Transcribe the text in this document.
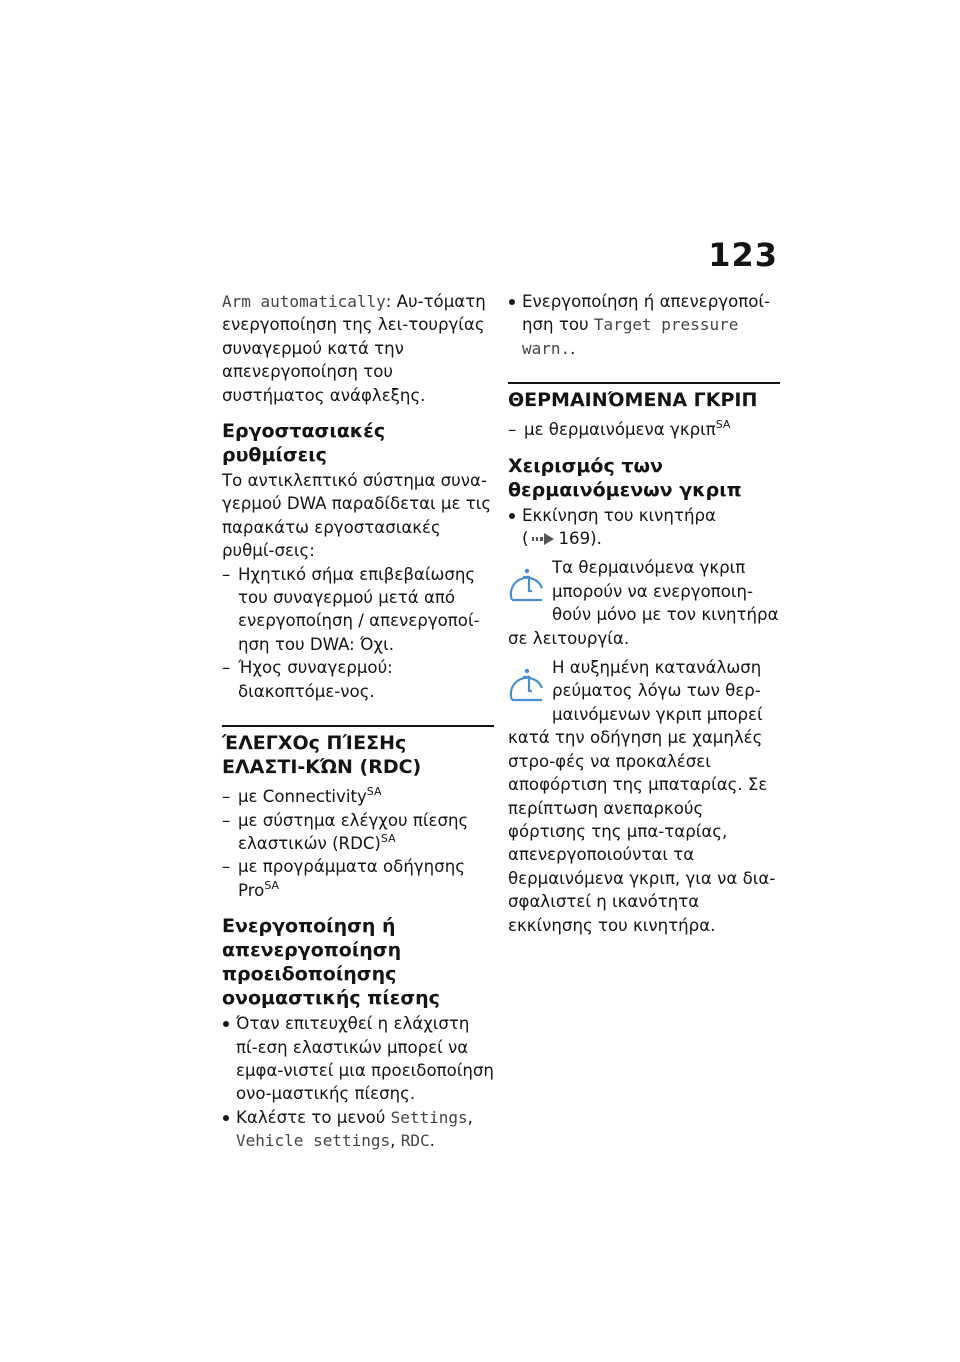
123

Arm automatically: Αυ-τόματη ενεργοποίηση της λει-τουργίας συναγερμού κατά την απενεργοποίηση του συστήματος ανάφλεξης.

Εργοστασιακές ρυθμίσεις

Το αντικλεπτικό σύστημα συνα-γερμού DWA παραδίδεται με τις παρακάτω εργοστασιακές ρυθμί-σεις:

– Ηχητικό σήμα επιβεβαίωσης του συναγερμού μετά από ενεργοποίηση / απενεργοποί-ηση του DWA: Όχι.
– Ήχος συναγερμού: διακοπτόμε-νος.
ΈΛΕΓΧΟς ΠΊΕΣΗς ΕΛΑΣΤΙ-ΚΏΝ (RDC)
– με Connectivity$^{SA}$
– με σύστημα ελέγχου πίεσης ελαστικών (RDC)$^{SA}$
– με προγράμματα οδήγησης Pro$^{SA}$
Ενεργοποίηση ή απενεργοποίηση προειδοποίησης ονομαστικής πίεσης
Όταν επιτευχθεί η ελάχιστη πί-εση ελαστικών μπορεί να εμφα-νιστεί μια προειδοποίηση ονο-μαστικής πίεσης.
Καλέστε το μενού Settings, Vehicle settings, RDC.
Ενεργοποίηση ή απενεργοποί-ηση του Target pressure warn..
ΘΕΡΜΑΙΝΌΜΕΝΑ ΓΚΡΙΠ
– με θερμαινόμενα γκριπ$^{SA}$
Χειρισμός των θερμαινόμενων γκριπ
Εκκίνηση του κινητήρα
( 169).

Τα θερμαινόμενα γκριπ μπορούν να ενεργοποιη-θούν μόνο με τον κινητήρα σε λειτουργία.

Η αυξημένη κατανάλωση ρεύματος λόγω των θερ-μαινόμενων γκριπ μπορεί κατά την οδήγηση με χαμηλές στρο-φές να προκαλέσει αποφόρτιση της μπαταρίας. Σε περίπτωση ανεπαρκούς φόρτισης της μπα-ταρίας, απενεργοποιούνται τα θερμαινόμενα γκριπ, για να δια-σφαλιστεί η ικανότητα εκκίνησης του κινητήρα.
